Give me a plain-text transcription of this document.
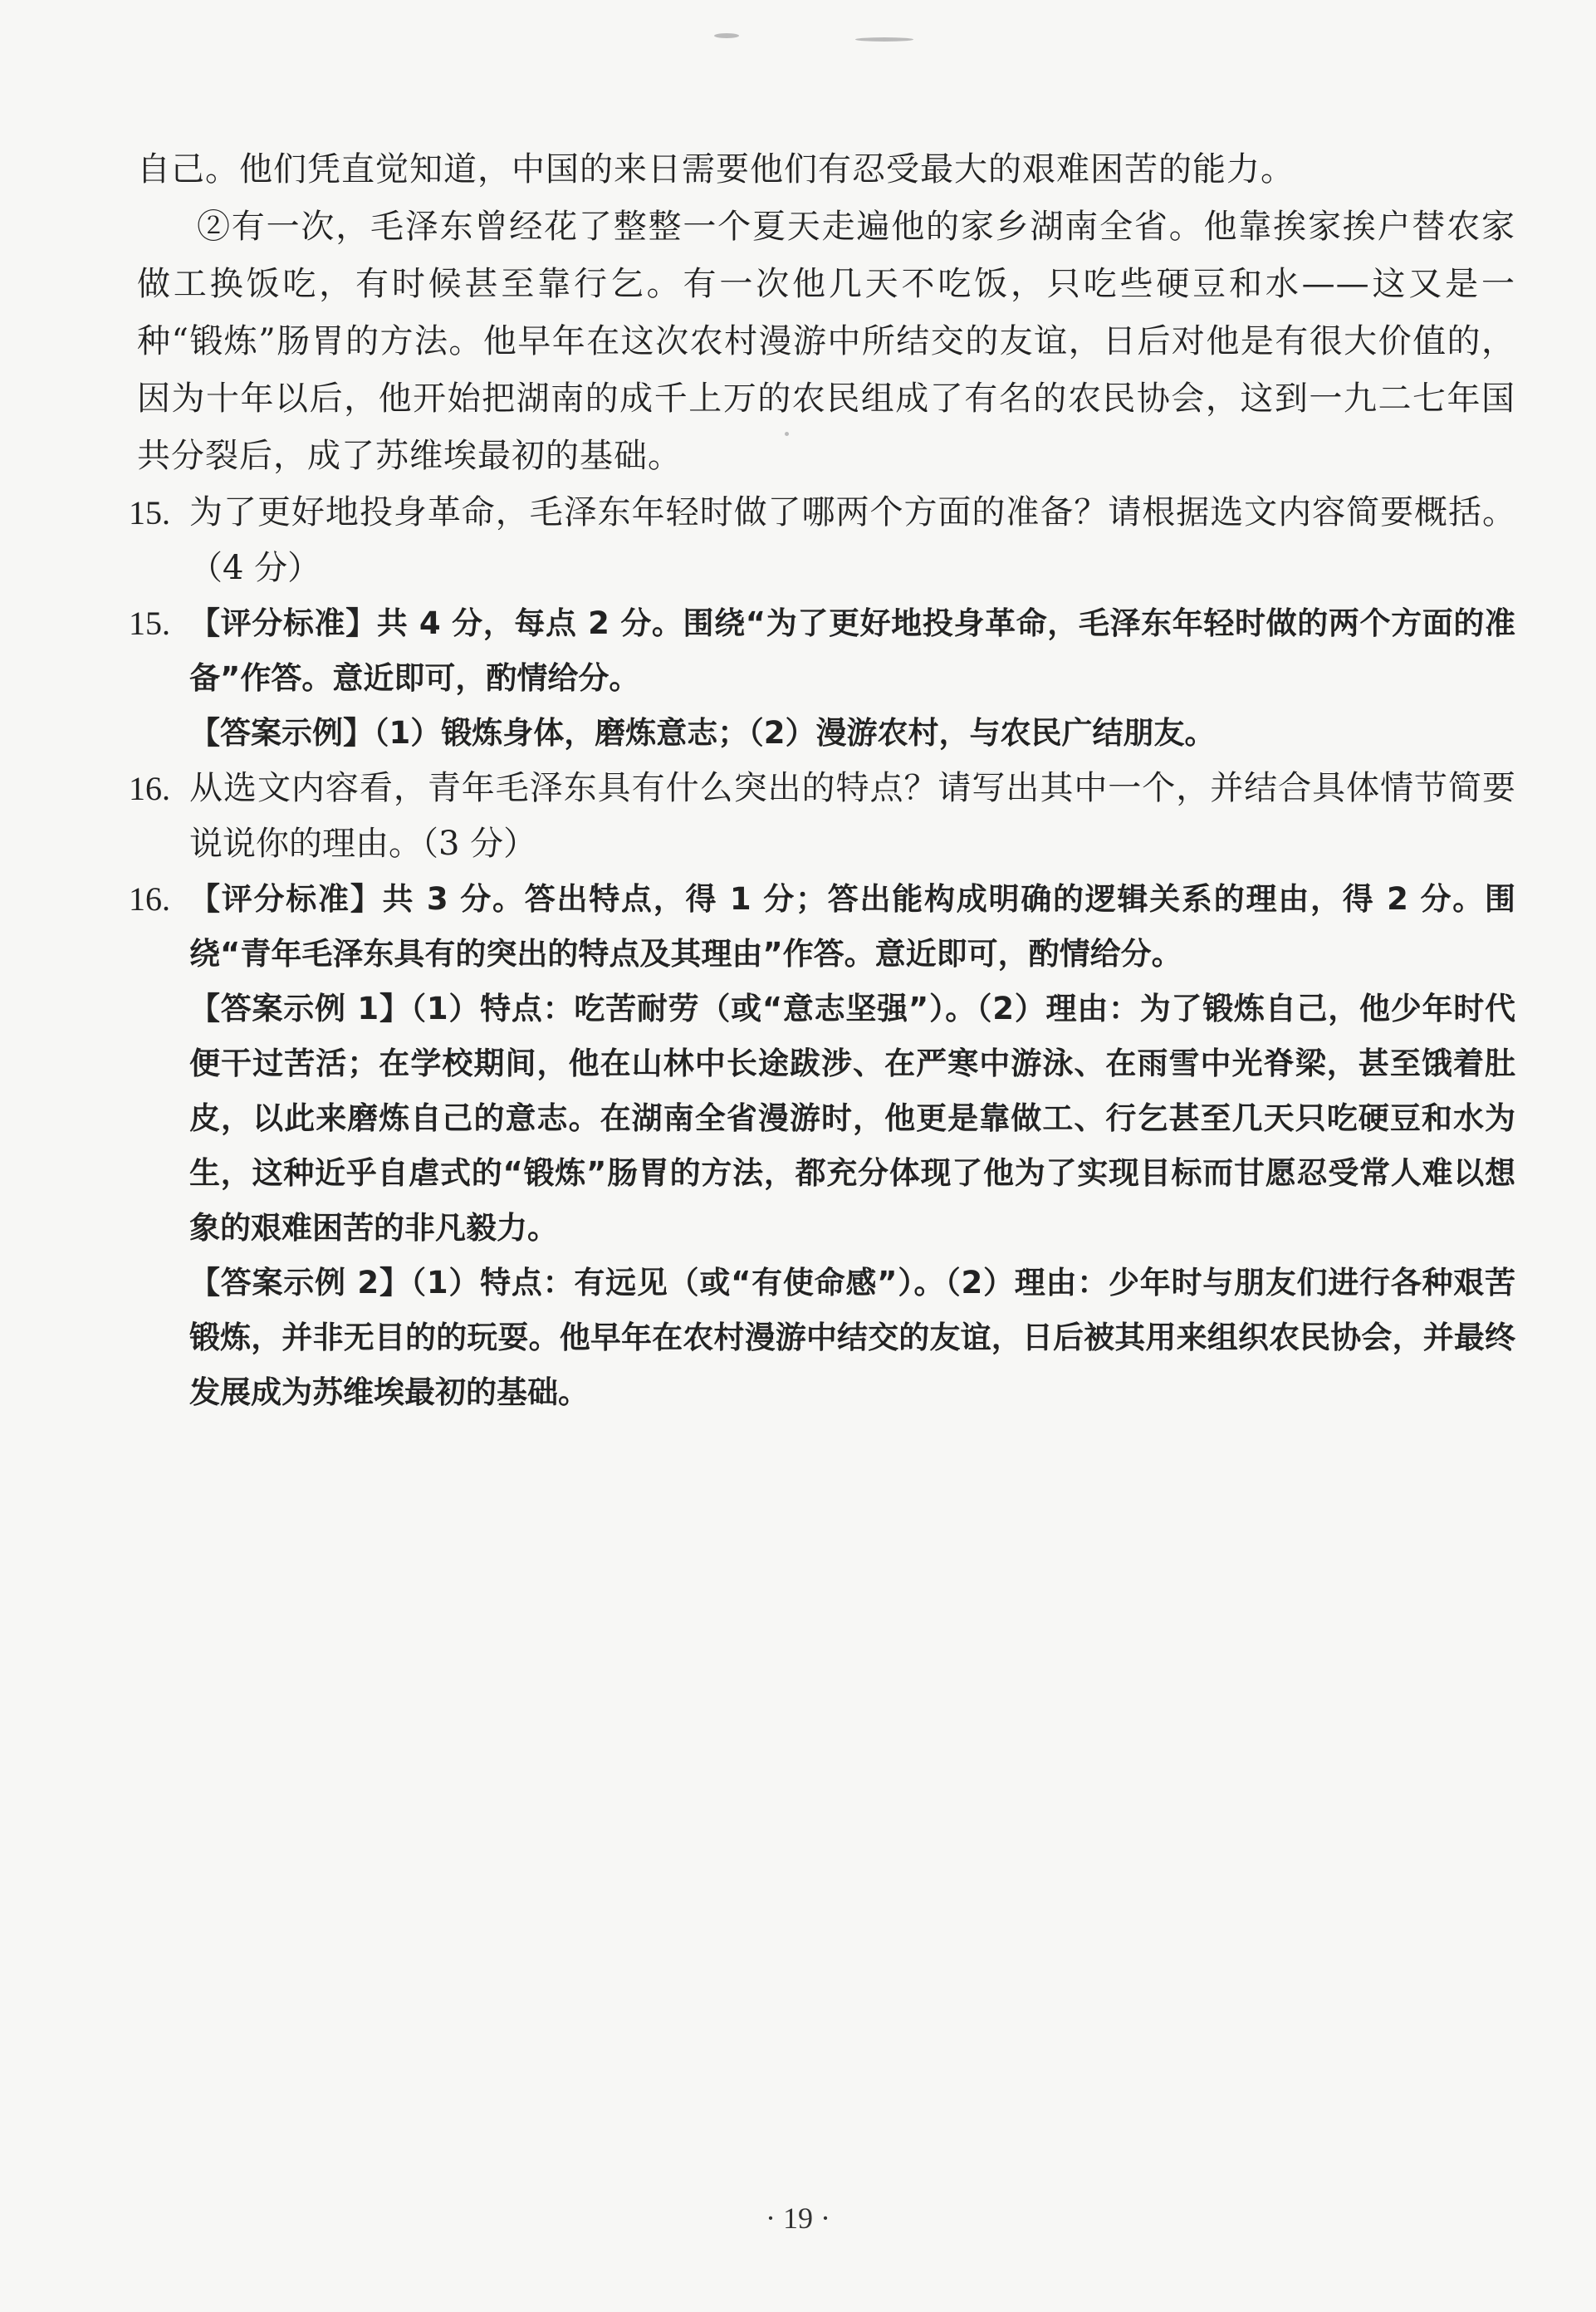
自己。他们凭直觉知道，中国的来日需要他们有忍受最大的艰难困苦的能力。

②有一次，毛泽东曾经花了整整一个夏天走遍他的家乡湖南全省。他靠挨家挨户替农家做工换饭吃，有时候甚至靠行乞。有一次他几天不吃饭，只吃些硬豆和水——这又是一种“锻炼”肠胃的方法。他早年在这次农村漫游中所结交的友谊，日后对他是有很大价值的，因为十年以后，他开始把湖南的成千上万的农民组成了有名的农民协会，这到一九二七年国共分裂后，成了苏维埃最初的基础。

15. 为了更好地投身革命，毛泽东年轻时做了哪两个方面的准备？请根据选文内容简要概括。（4 分）

15. 【评分标准】共 4 分，每点 2 分。围绕“为了更好地投身革命，毛泽东年轻时做的两个方面的准备”作答。意近即可，酌情给分。

【答案示例】（1）锻炼身体，磨炼意志；（2）漫游农村，与农民广结朋友。

16. 从选文内容看，青年毛泽东具有什么突出的特点？请写出其中一个，并结合具体情节简要说说你的理由。（3 分）

16. 【评分标准】共 3 分。答出特点，得 1 分；答出能构成明确的逻辑关系的理由，得 2 分。围绕“青年毛泽东具有的突出的特点及其理由”作答。意近即可，酌情给分。

【答案示例 1】（1）特点：吃苦耐劳（或“意志坚强”）。（2）理由：为了锻炼自己，他少年时代便干过苦活；在学校期间，他在山林中长途跋涉、在严寒中游泳、在雨雪中光脊梁，甚至饿着肚皮，以此来磨炼自己的意志。在湖南全省漫游时，他更是靠做工、行乞甚至几天只吃硬豆和水为生，这种近乎自虐式的“锻炼”肠胃的方法，都充分体现了他为了实现目标而甘愿忍受常人难以想象的艰难困苦的非凡毅力。

【答案示例 2】（1）特点：有远见（或“有使命感”）。（2）理由：少年时与朋友们进行各种艰苦锻炼，并非无目的的玩耍。他早年在农村漫游中结交的友谊，日后被其用来组织农民协会，并最终发展成为苏维埃最初的基础。

· 19 ·
